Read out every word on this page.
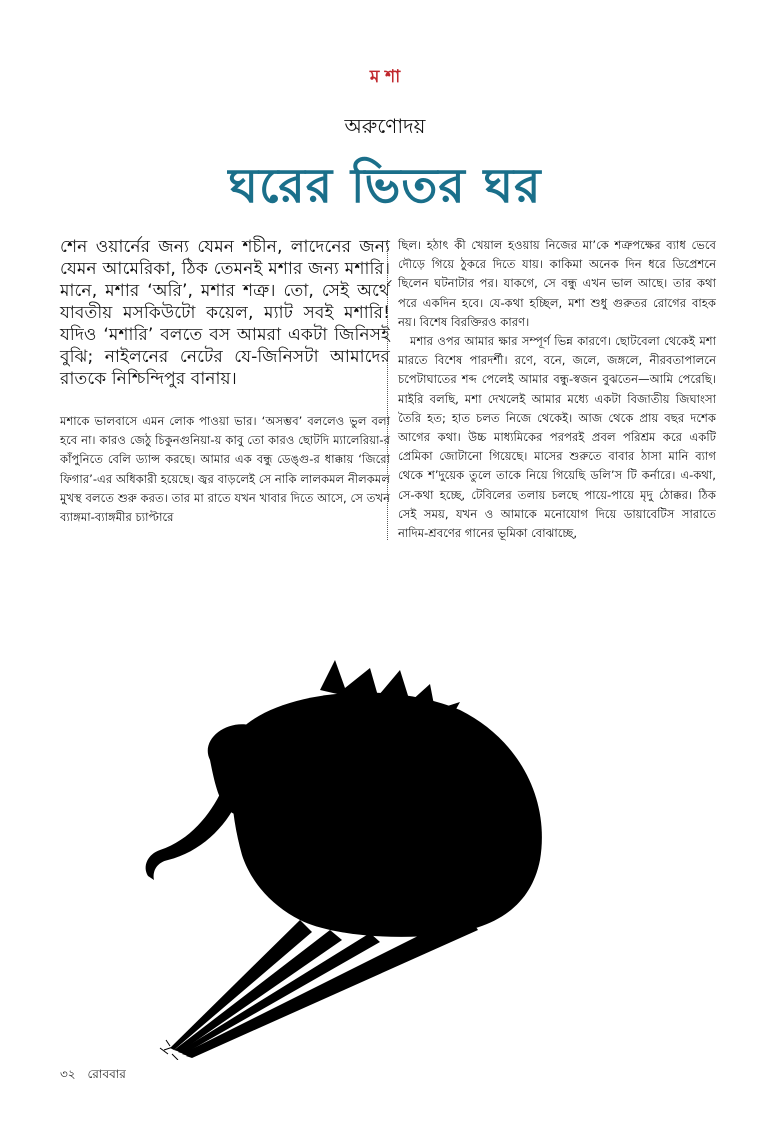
ম শা
অরুণোদয়
ঘরের ভিতর ঘর

শেন ওয়ার্নের জন্য যেমন শচীন, লাদেনের জন্য যেমন আমেরিকা, ঠিক তেমনই মশার জন্য মশারি। মানে, মশার ‘অরি’, মশার শত্রু। তো, সেই অর্থে যাবতীয় মসকিউটো কয়েল, ম্যাট সবই মশারি! যদিও ‘মশারি’ বলতে বস আমরা একটা জিনিসই বুঝি; নাইলনের নেটের যে-জিনিসটা আমাদের রাতকে নিশ্চিন্দিপুর বানায়।

মশাকে ভালবাসে এমন লোক পাওয়া ভার। ‘অসম্ভব’ বললেও ভুল বলা হবে না। কারও জেঠু চিকুনগুনিয়া-য় কাবু তো কারও ছোটদি ম্যালেরিয়া-র কাঁপুনিতে বেলি ড্যান্স করছে। আমার এক বন্ধু ডেঙ্গু-র ধাক্কায় ‘জিরো ফিগার’-এর অধিকারী হয়েছে। জ্বর বাড়লেই সে নাকি লালকমল নীলকমল মুখস্থ বলতে শুরু করত। তার মা রাতে যখন খাবার দিতে আসে, সে তখন ব্যাঙ্গমা-ব্যাঙ্গমীর চ্যাপ্টারে

ছিল। হঠাৎ কী খেয়াল হওয়ায় নিজের মা’কে শত্রুপক্ষের ব্যাধ ভেবে দৌড়ে গিয়ে ঠুকরে দিতে যায়। কাকিমা অনেক দিন ধরে ডিপ্রেশনে ছিলেন ঘটনাটার পর। যাকগে, সে বন্ধু এখন ভাল আছে। তার কথা পরে একদিন হবে। যে-কথা হচ্ছিল, মশা শুধু গুরুতর রোগের বাহক নয়। বিশেষ বিরক্তিরও কারণ।

মশার ওপর আমার ক্ষার সম্পূর্ণ ভিন্ন কারণে। ছোটবেলা থেকেই মশা মারতে বিশেষ পারদর্শী। রণে, বনে, জলে, জঙ্গলে, নীরবতাপালনে চপেটাঘাতের শব্দ পেলেই আমার বন্ধু-স্বজন বুঝতেন—আমি পেরেছি। মাইরি বলছি, মশা দেখলেই আমার মধ্যে একটা বিজাতীয় জিঘাংসা তৈরি হত; হাত চলত নিজে থেকেই। আজ থেকে প্রায় বছর দশেক আগের কথা। উচ্চ মাধ্যমিকের পরপরই প্রবল পরিশ্রম করে একটি প্রেমিকা জোটানো গিয়েছে। মাসের শুরুতে বাবার ঠাসা মানি ব্যাগ থেকে শ’দুয়েক তুলে তাকে নিয়ে গিয়েছি ডলি’স টি কর্নারে। এ-কথা, সে-কথা হচ্ছে, টেবিলের তলায় চলছে পায়ে-পায়ে মৃদু ঠোক্কর। ঠিক সেই সময়, যখন ও আমাকে মনোযোগ দিয়ে ডায়াবেটিস সারাতে নাদিম-শ্রবণের গানের ভূমিকা বোঝাচ্ছে,

৩২ রোববার
